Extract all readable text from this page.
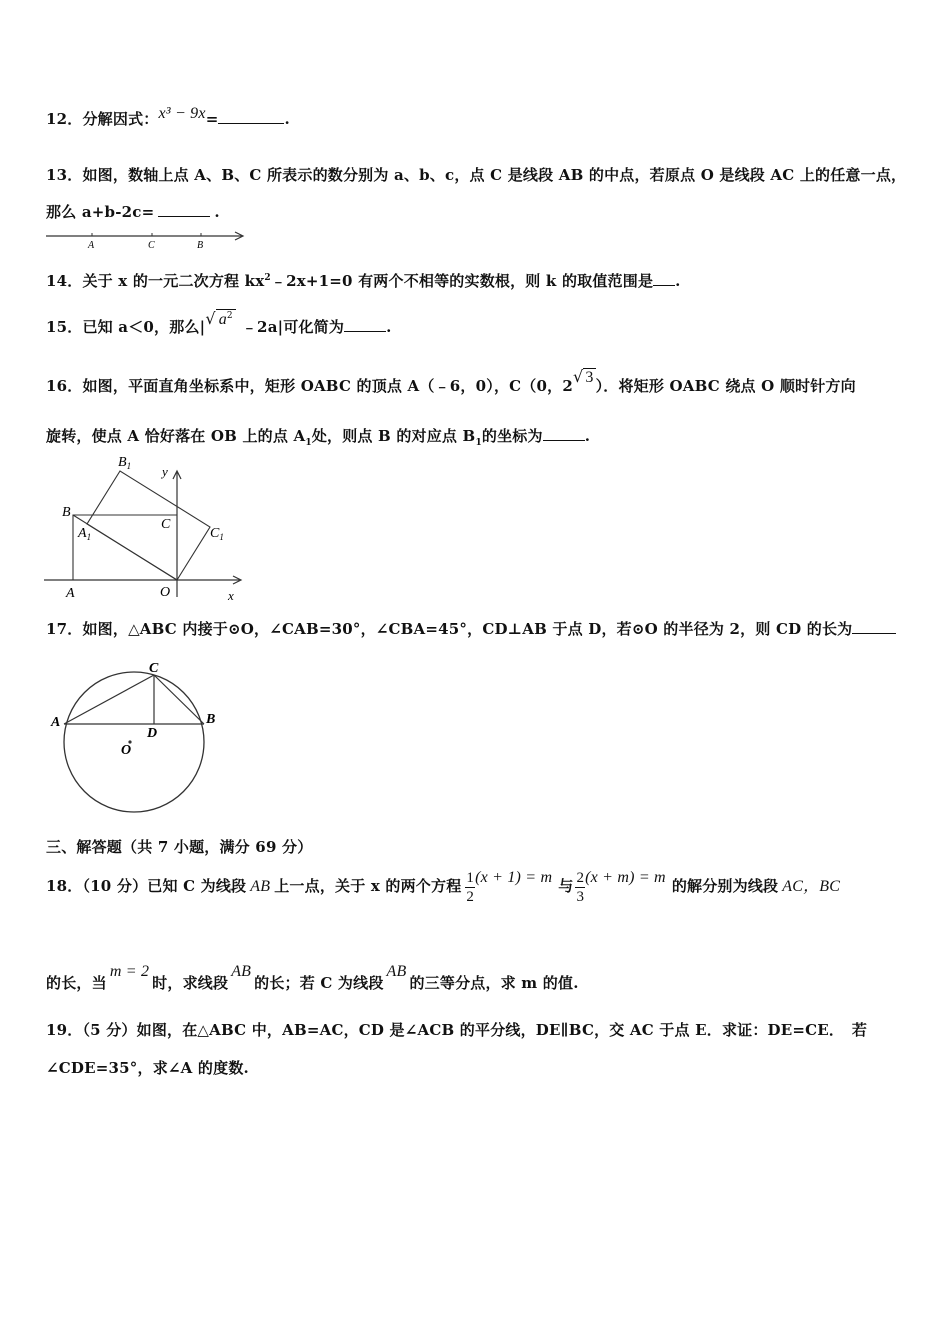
12．分解因式：x³ − 9x=	.
13．如图，数轴上点 A、B、C 所表示的数分别为 a、b、c，点 C 是线段 AB 的中点，若原点 O 是线段 AC 上的任意一点，
那么 a+b-2c=	.
A	C	B
14．关于 x 的一元二次方程 $kx^2﹣2x+1=0$ 有两个不相等的实数根，则 k 的取值范围是 .
15．已知 a＜0，那么|√ $a^2﹣2a|$可化简为	.
16．如图，平面直角坐标系中，矩形 OABC 的顶点 A（﹣6，0），C（0，2√ 3 ）．将矩形 OABC 绕点 O 顺时针方向
旋转，使点 A 恰好落在 OB 上的点 $A_1$处，则点 B 的对应点 $B_1$的坐标为	.
$B_1$ y
B
C
$A_1$	$C_1$
A	O	x
17．如图，△ABC 内接于⊙O，∠CAB=30°，∠CBA=45°，CD⊥AB 于点 D，若⊙O 的半径为 2，则 CD 的长为
C
A	B
D
O
三、解答题（共 7 小题，满分 69 分）
18．（10 分）已知 C 为线段 AB 上一点，关于 x 的两个方程 $\frac{1}{2} (x + 1) = m$ 与 $\frac{2}{3} (x + m) = m$ 的解分别为线段 AC，BC
的长，当m = 2时，求线段AB的长；若 C 为线段AB的三等分点，求 m 的值.
19．（5 分）如图，在△ABC 中，AB=AC，CD 是∠ACB 的平分线，DE∥BC，交 AC 于点 E．求证：DE=CE．　若
∠CDE=35°，求∠A 的度数.
